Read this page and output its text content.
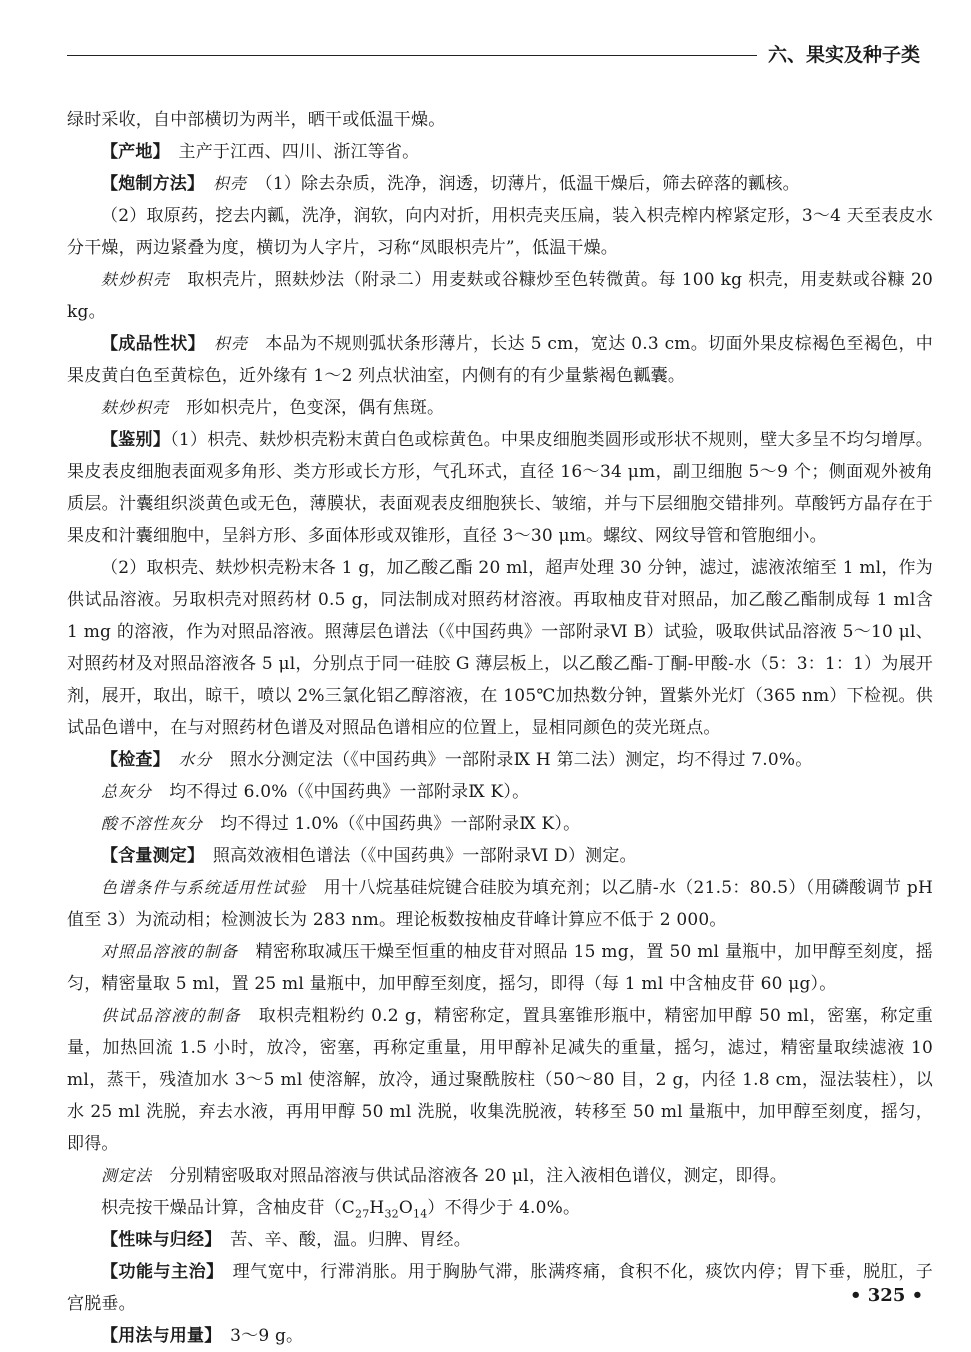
六、果实及种子类

绿时采收，自中部横切为两半，晒干或低温干燥。

【产地】　 主产于江西、四川、浙江等省。

【炮制方法】　 枳壳　 （1）除去杂质，洗净，润透，切薄片，低温干燥后，筛去碎落的瓤核。

（2）取原药，挖去内瓤，洗净，润软，向内对折，用枳壳夹压扁，装入枳壳榨内榨紧定形，3～4 天至表皮水分干燥，两边紧叠为度，横切为人字片，习称“凤眼枳壳片”，低温干燥。

麸炒枳壳　 取枳壳片，照麸炒法（附录二）用麦麸或谷糠炒至色转微黄。每 100 kg 枳壳，用麦麸或谷糠 20 kg。

【成品性状】　 枳壳　 本品为不规则弧状条形薄片，长达 5 cm，宽达 0.3 cm。切面外果皮棕褐色至褐色，中果皮黄白色至黄棕色，近外缘有 1～2 列点状油室，内侧有的有少量紫褐色瓤囊。

麸炒枳壳　 形如枳壳片，色变深，偶有焦斑。

【鉴别】（1）枳壳、麸炒枳壳粉末黄白色或棕黄色。中果皮细胞类圆形或形状不规则，壁大多呈不均匀增厚。果皮表皮细胞表面观多角形、类方形或长方形，气孔环式，直径 16～34 μm，副卫细胞 5～9 个；侧面观外被角质层。汁囊组织淡黄色或无色，薄膜状，表面观表皮细胞狭长、皱缩，并与下层细胞交错排列。草酸钙方晶存在于果皮和汁囊细胞中，呈斜方形、多面体形或双锥形，直径 3～30 μm。螺纹、网纹导管和管胞细小。

（2）取枳壳、麸炒枳壳粉末各 1 g，加乙酸乙酯 20 ml，超声处理 30 分钟，滤过，滤液浓缩至 1 ml，作为供试品溶液。另取枳壳对照药材 0.5 g，同法制成对照药材溶液。再取柚皮苷对照品，加乙酸乙酯制成每 1 ml含 1 mg 的溶液，作为对照品溶液。照薄层色谱法（《中国药典》一部附录Ⅵ B）试验，吸取供试品溶液 5～10 μl、对照药材及对照品溶液各 5 μl，分别点于同一硅胶 G 薄层板上，以乙酸乙酯-丁酮-甲酸-水（5：3：1：1）为展开剂，展开，取出，晾干，喷以 2%三氯化铝乙醇溶液，在 105℃加热数分钟，置紫外光灯（365 nm）下检视。供试品色谱中，在与对照药材色谱及对照品色谱相应的位置上，显相同颜色的荧光斑点。

【检查】　 水分　 照水分测定法（《中国药典》一部附录Ⅸ H 第二法）测定，均不得过 7.0%。

总灰分　 均不得过 6.0%（《中国药典》一部附录Ⅸ K）。

酸不溶性灰分　 均不得过 1.0%（《中国药典》一部附录Ⅸ K）。

【含量测定】　 照高效液相色谱法（《中国药典》一部附录Ⅵ D）测定。

色谱条件与系统适用性试验　 用十八烷基硅烷键合硅胶为填充剂；以乙腈-水（21.5：80.5）（用磷酸调节 pH 值至 3）为流动相；检测波长为 283 nm。理论板数按柚皮苷峰计算应不低于 2 000。

对照品溶液的制备　 精密称取减压干燥至恒重的柚皮苷对照品 15 mg，置 50 ml 量瓶中，加甲醇至刻度，摇匀，精密量取 5 ml，置 25 ml 量瓶中，加甲醇至刻度，摇匀，即得（每 1 ml 中含柚皮苷 60 μg）。

供试品溶液的制备　 取枳壳粗粉约 0.2 g，精密称定，置具塞锥形瓶中，精密加甲醇 50 ml，密塞，称定重量，加热回流 1.5 小时，放冷，密塞，再称定重量，用甲醇补足减失的重量，摇匀，滤过，精密量取续滤液 10 ml，蒸干，残渣加水 3～5 ml 使溶解，放冷，通过聚酰胺柱（50～80 目，2 g，内径 1.8 cm，湿法装柱），以水 25 ml 洗脱，弃去水液，再用甲醇 50 ml 洗脱，收集洗脱液，转移至 50 ml 量瓶中，加甲醇至刻度，摇匀，即得。

测定法　 分别精密吸取对照品溶液与供试品溶液各 20 μl，注入液相色谱仪，测定，即得。

枳壳按干燥品计算，含柚皮苷$(C_{27}H_{32}O_{14})$不得少于 4.0%。

【性味与归经】　 苦、辛、酸，温。归脾、胃经。

【功能与主治】　 理气宽中，行滞消胀。用于胸胁气滞，胀满疼痛，食积不化，痰饮内停；胃下垂，脱肛，子宫脱垂。

【用法与用量】　 3～9 g。

• 325 •
